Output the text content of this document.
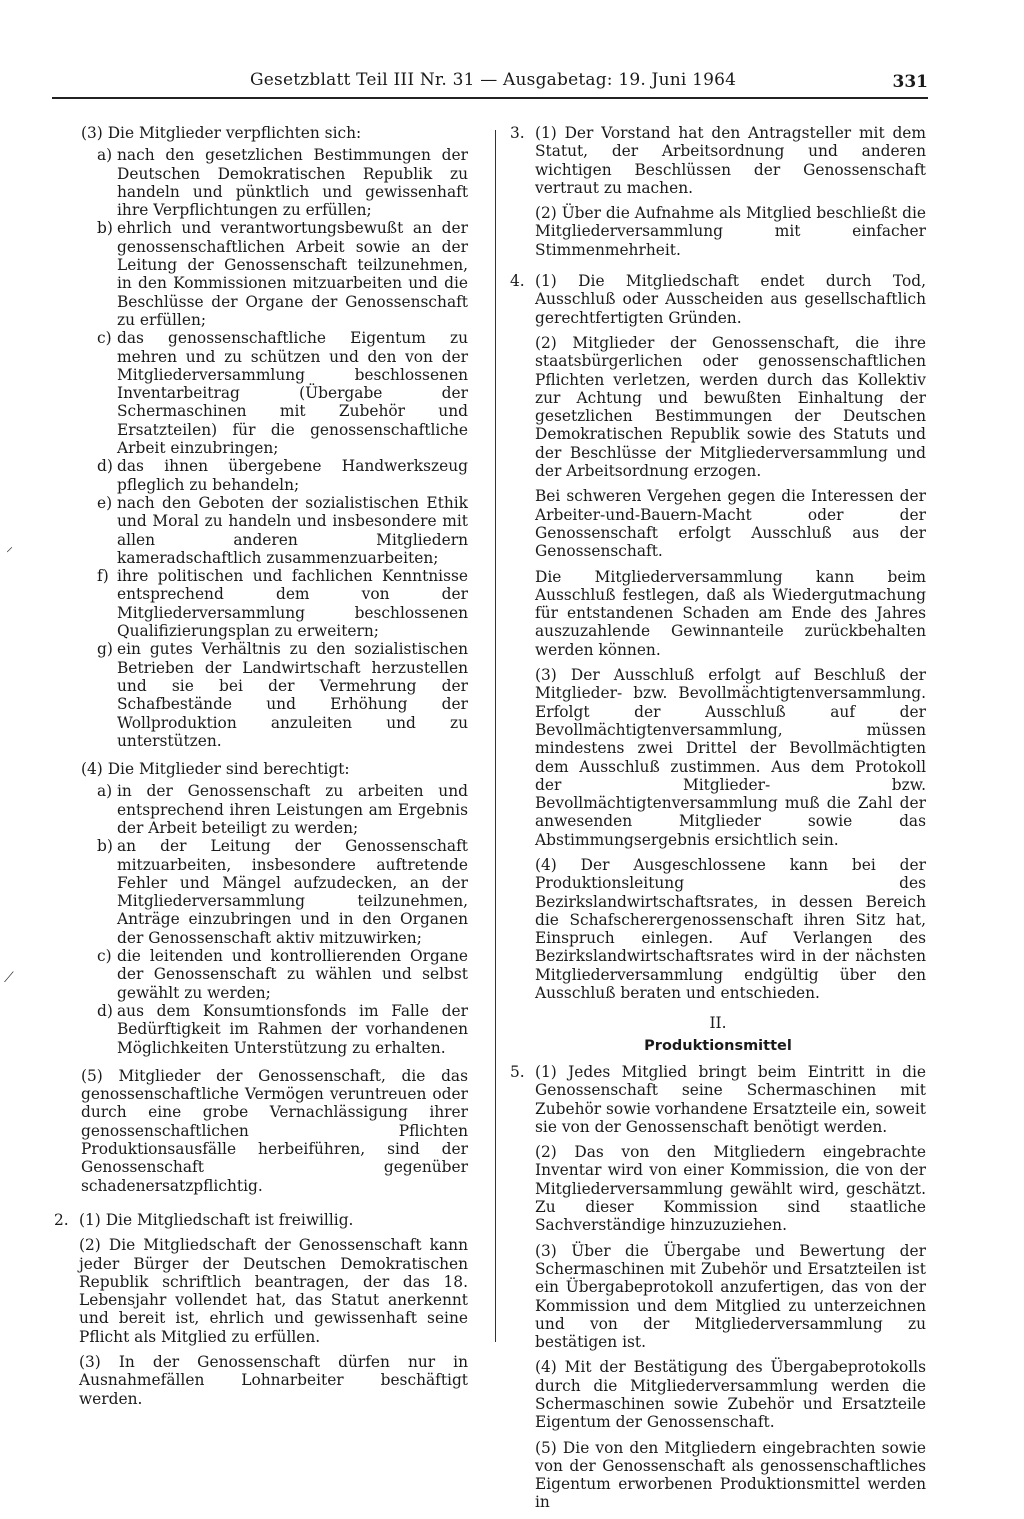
Gesetzblatt Teil III Nr. 31 — Ausgabetag: 19. Juni 1964	331
⸍
⟋

(3) Die Mitglieder verpflichten sich:

a) nach den gesetzlichen Bestimmungen der Deutschen Demokratischen Republik zu handeln und pünktlich und gewissenhaft ihre Verpflichtungen zu erfüllen;

b) ehrlich und verantwortungsbewußt an der genossenschaftlichen Arbeit sowie an der Leitung der Genossenschaft teilzunehmen, in den Kommissionen mitzuarbeiten und die Beschlüsse der Organe der Genossenschaft zu erfüllen;

c) das genossenschaftliche Eigentum zu mehren und zu schützen und den von der Mitgliederversammlung beschlossenen Inventarbeitrag (Übergabe der Schermaschinen mit Zubehör und Ersatzteilen) für die genossenschaftliche Arbeit einzubringen;

d) das ihnen übergebene Handwerkszeug pfleglich zu behandeln;

e) nach den Geboten der sozialistischen Ethik und Moral zu handeln und insbesondere mit allen anderen Mitgliedern kameradschaftlich zusammenzuarbeiten;

f) ihre politischen und fachlichen Kenntnisse entsprechend dem von der Mitgliederversammlung beschlossenen Qualifizierungsplan zu erweitern;

g) ein gutes Verhältnis zu den sozialistischen Betrieben der Landwirtschaft herzustellen und sie bei der Vermehrung der Schafbestände und Erhöhung der Wollproduktion anzuleiten und zu unterstützen.

(4) Die Mitglieder sind berechtigt:

a) in der Genossenschaft zu arbeiten und entsprechend ihren Leistungen am Ergebnis der Arbeit beteiligt zu werden;

b) an der Leitung der Genossenschaft mitzuarbeiten, insbesondere auftretende Fehler und Mängel aufzudecken, an der Mitgliederversammlung teilzunehmen, Anträge einzubringen und in den Organen der Genossenschaft aktiv mitzuwirken;

c) die leitenden und kontrollierenden Organe der Genossenschaft zu wählen und selbst gewählt zu werden;

d) aus dem Konsumtionsfonds im Falle der Bedürftigkeit im Rahmen der vorhandenen Möglichkeiten Unterstützung zu erhalten.

(5) Mitglieder der Genossenschaft, die das genossenschaftliche Vermögen veruntreuen oder durch eine grobe Vernachlässigung ihrer genossenschaftlichen Pflichten Produktionsausfälle herbeiführen, sind der Genossenschaft gegenüber schadenersatzpflichtig.

2. (1) Die Mitgliedschaft ist freiwillig.

(2) Die Mitgliedschaft der Genossenschaft kann jeder Bürger der Deutschen Demokratischen Republik schriftlich beantragen, der das 18. Lebensjahr vollendet hat, das Statut anerkennt und bereit ist, ehrlich und gewissenhaft seine Pflicht als Mitglied zu erfüllen.

(3) In der Genossenschaft dürfen nur in Ausnahmefällen Lohnarbeiter beschäftigt werden.

3. (1) Der Vorstand hat den Antragsteller mit dem Statut, der Arbeitsordnung und anderen wichtigen Beschlüssen der Genossenschaft vertraut zu machen.

(2) Über die Aufnahme als Mitglied beschließt die Mitgliederversammlung mit einfacher Stimmenmehrheit.

4. (1) Die Mitgliedschaft endet durch Tod, Ausschluß oder Ausscheiden aus gesellschaftlich gerechtfertigten Gründen.

(2) Mitglieder der Genossenschaft, die ihre staatsbürgerlichen oder genossenschaftlichen Pflichten verletzen, werden durch das Kollektiv zur Achtung und bewußten Einhaltung der gesetzlichen Bestimmungen der Deutschen Demokratischen Republik sowie des Statuts und der Beschlüsse der Mitgliederversammlung und der Arbeitsordnung erzogen.

Bei schweren Vergehen gegen die Interessen der Arbeiter-und-Bauern-Macht oder der Genossenschaft erfolgt Ausschluß aus der Genossenschaft.

Die Mitgliederversammlung kann beim Ausschluß festlegen, daß als Wiedergutmachung für entstandenen Schaden am Ende des Jahres auszuzahlende Gewinnanteile zurückbehalten werden können.

(3) Der Ausschluß erfolgt auf Beschluß der Mitglieder- bzw. Bevollmächtigtenversammlung. Erfolgt der Ausschluß auf der Bevollmächtigtenversammlung, müssen mindestens zwei Drittel der Bevollmächtigten dem Ausschluß zustimmen. Aus dem Protokoll der Mitglieder- bzw. Bevollmächtigtenversammlung muß die Zahl der anwesenden Mitglieder sowie das Abstimmungsergebnis ersichtlich sein.

(4) Der Ausgeschlossene kann bei der Produktionsleitung des Bezirkslandwirtschaftsrates, in dessen Bereich die Schafscherergenossenschaft ihren Sitz hat, Einspruch einlegen. Auf Verlangen des Bezirkslandwirtschaftsrates wird in der nächsten Mitgliederversammlung endgültig über den Ausschluß beraten und entschieden.

II.

Produktionsmittel

5. (1) Jedes Mitglied bringt beim Eintritt in die Genossenschaft seine Schermaschinen mit Zubehör sowie vorhandene Ersatzteile ein, soweit sie von der Genossenschaft benötigt werden.

(2) Das von den Mitgliedern eingebrachte Inventar wird von einer Kommission, die von der Mitgliederversammlung gewählt wird, geschätzt. Zu dieser Kommission sind staatliche Sachverständige hinzuzuziehen.

(3) Über die Übergabe und Bewertung der Schermaschinen mit Zubehör und Ersatzteilen ist ein Übergabeprotokoll anzufertigen, das von der Kommission und dem Mitglied zu unterzeichnen und von der Mitgliederversammlung zu bestätigen ist.

(4) Mit der Bestätigung des Übergabeprotokolls durch die Mitgliederversammlung werden die Schermaschinen sowie Zubehör und Ersatzteile Eigentum der Genossenschaft.

(5) Die von den Mitgliedern eingebrachten sowie von der Genossenschaft als genossenschaftliches Eigentum erworbenen Produktionsmittel werden in
